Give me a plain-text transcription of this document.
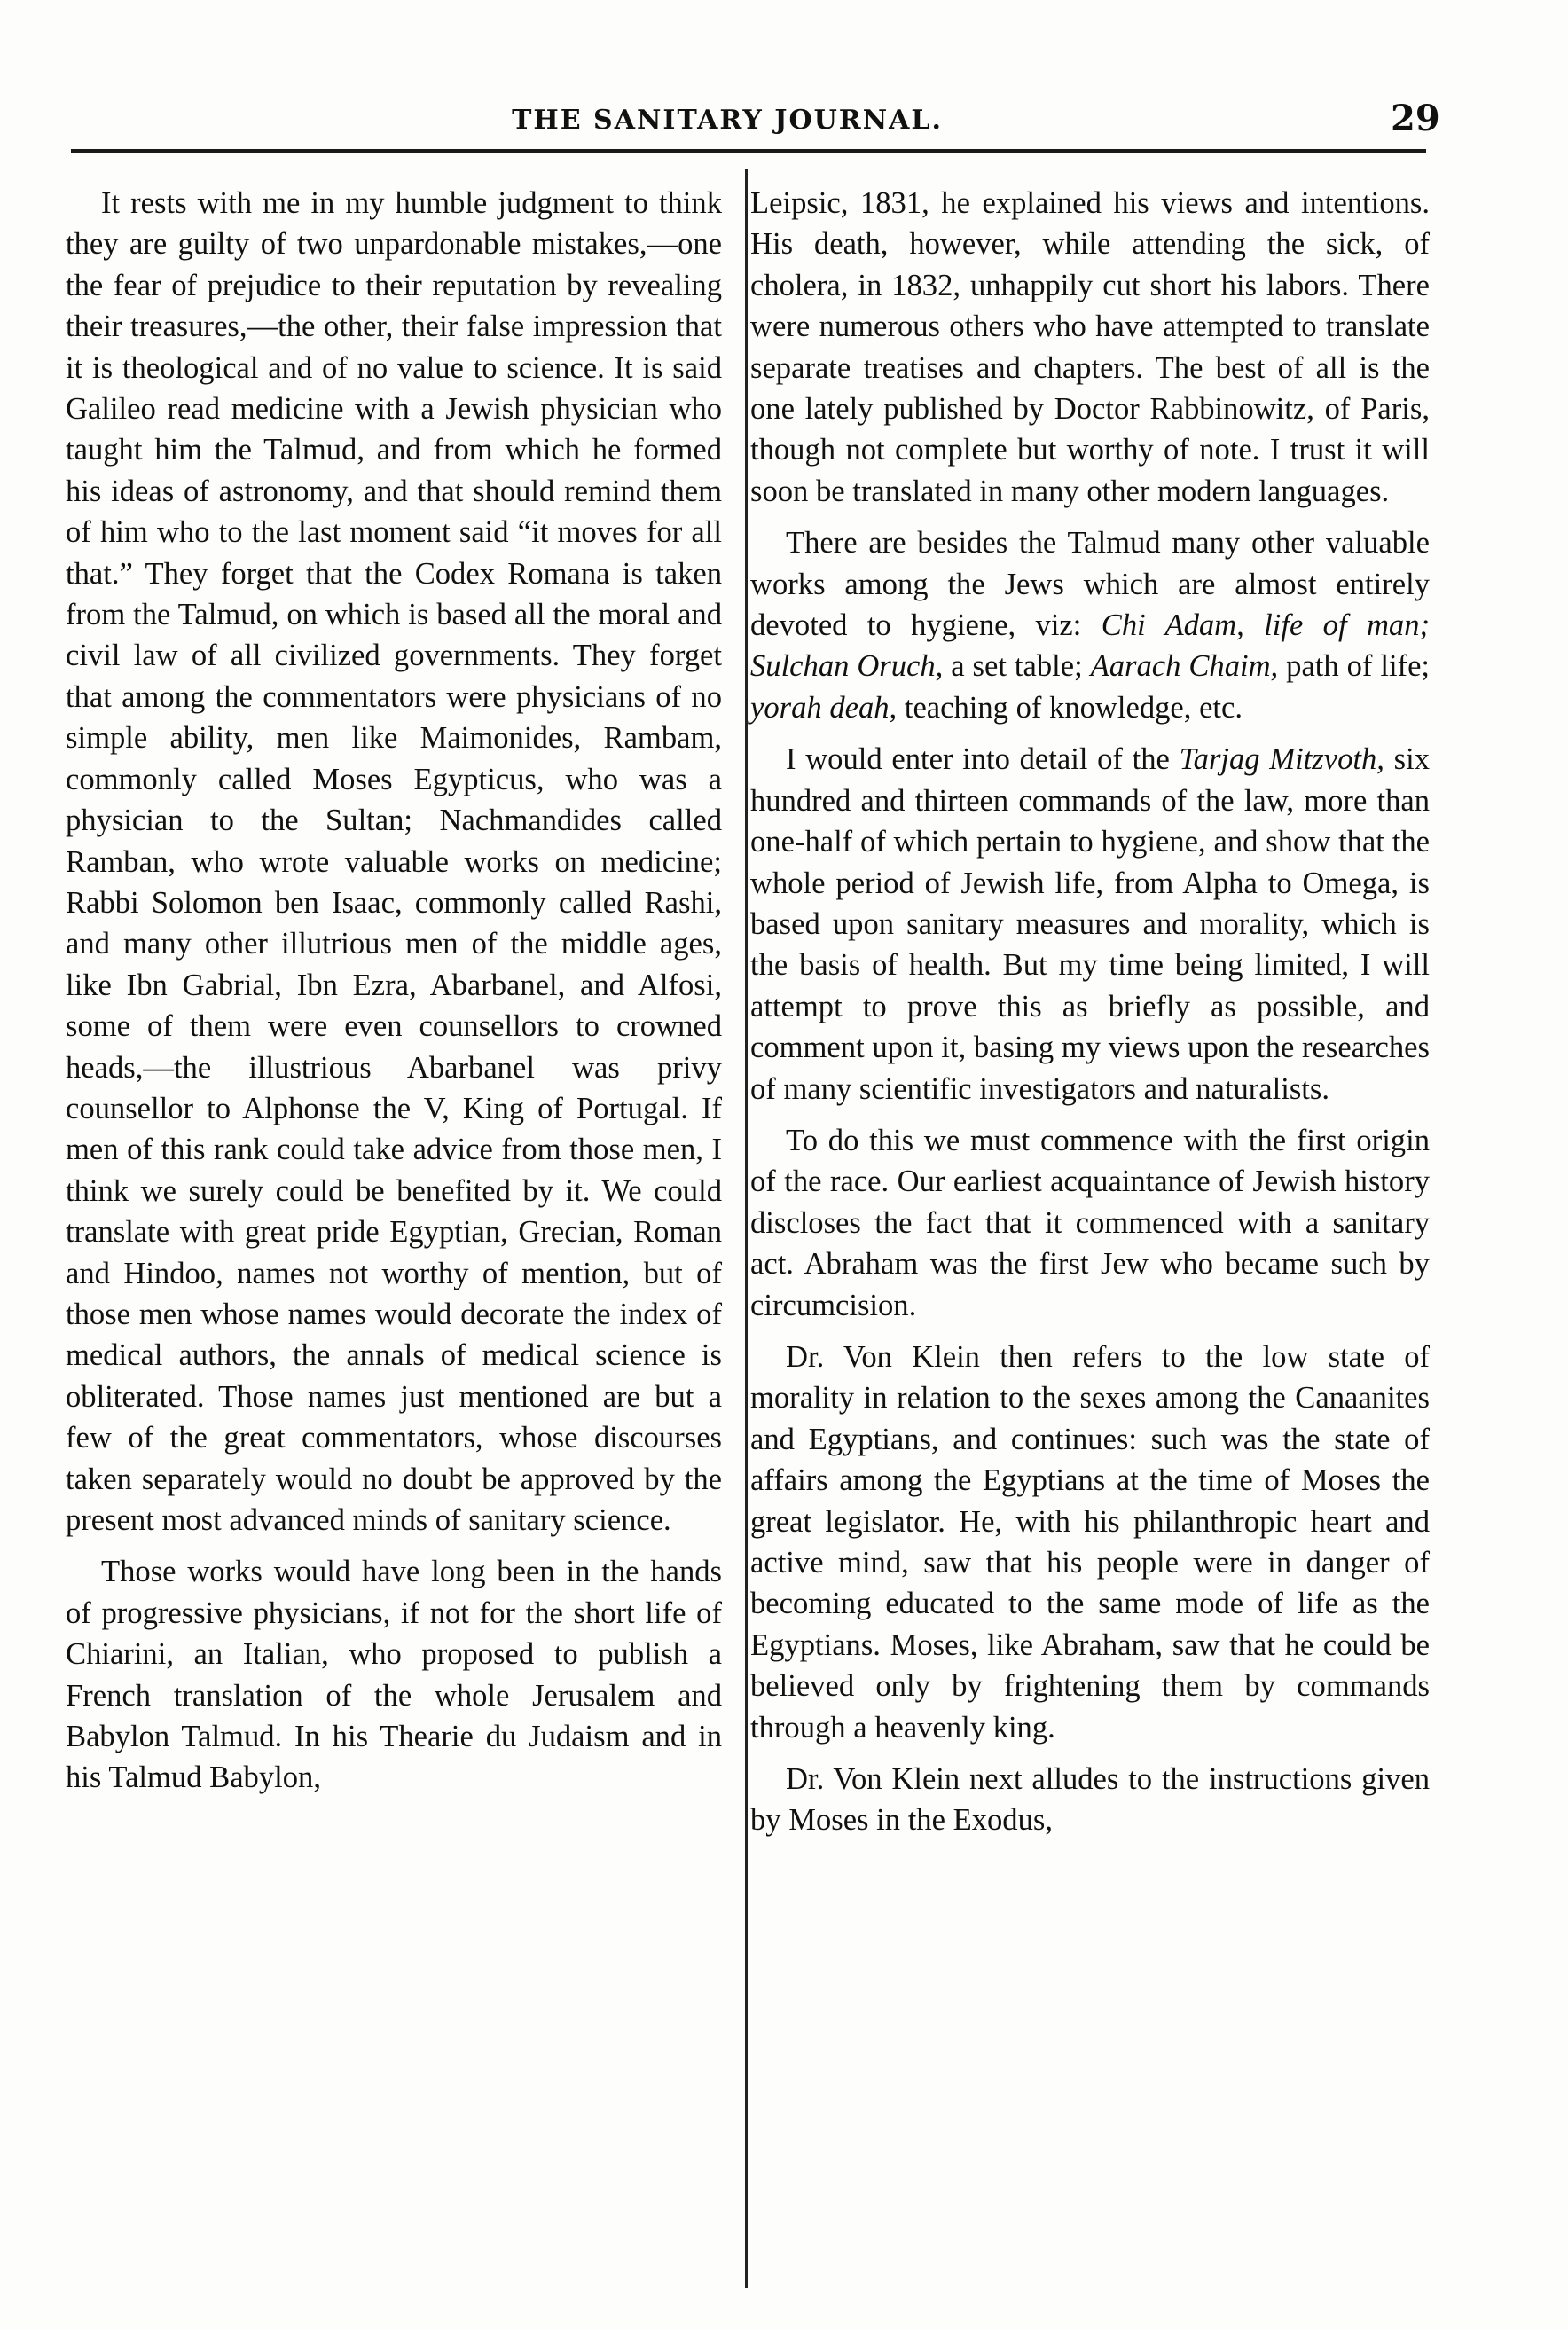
THE SANITARY JOURNAL.	29

It rests with me in my humble judgment to think they are guilty of two unpardonable mistakes,—one the fear of prejudice to their reputation by revealing their treasures,—the other, their false impression that it is theological and of no value to science. It is said Galileo read medicine with a Jewish physician who taught him the Talmud, and from which he formed his ideas of astronomy, and that should remind them of him who to the last moment said “it moves for all that.” They forget that the Codex Romana is taken from the Talmud, on which is based all the moral and civil law of all civilized governments. They forget that among the commentators were physicians of no simple ability, men like Maimonides, Rambam, commonly called Moses Egypticus, who was a physician to the Sultan; Nachmandides called Ramban, who wrote valuable works on medicine; Rabbi Solomon ben Isaac, commonly called Rashi, and many other illutrious men of the middle ages, like Ibn Gabrial, Ibn Ezra, Abarbanel, and Alfosi, some of them were even counsellors to crowned heads,—the illustrious Abarbanel was privy counsellor to Alphonse the V, King of Portugal. If men of this rank could take advice from those men, I think we surely could be benefited by it. We could translate with great pride Egyptian, Grecian, Roman and Hindoo, names not worthy of mention, but of those men whose names would decorate the index of medical authors, the annals of medical science is obliterated. Those names just mentioned are but a few of the great commentators, whose discourses taken separately would no doubt be approved by the present most advanced minds of sanitary science.

Those works would have long been in the hands of progressive physicians, if not for the short life of Chiarini, an Italian, who proposed to publish a French translation of the whole Jerusalem and Babylon Talmud. In his Thearie du Judaism and in his Talmud Babylon,

Leipsic, 1831, he explained his views and intentions. His death, however, while attending the sick, of cholera, in 1832, unhappily cut short his labors. There were numerous others who have attempted to translate separate treatises and chapters. The best of all is the one lately published by Doctor Rabbinowitz, of Paris, though not complete but worthy of note. I trust it will soon be translated in many other modern languages.

There are besides the Talmud many other valuable works among the Jews which are almost entirely devoted to hygiene, viz: Chi Adam, life of man; Sulchan Oruch, a set table; Aarach Chaim, path of life; yorah deah, teaching of knowledge, etc.

I would enter into detail of the Tarjag Mitzvoth, six hundred and thirteen commands of the law, more than one-half of which pertain to hygiene, and show that the whole period of Jewish life, from Alpha to Omega, is based upon sanitary measures and morality, which is the basis of health. But my time being limited, I will attempt to prove this as briefly as possible, and comment upon it, basing my views upon the researches of many scientific investigators and naturalists.

To do this we must commence with the first origin of the race. Our earliest acquaintance of Jewish history discloses the fact that it commenced with a sanitary act. Abraham was the first Jew who became such by circumcision.

Dr. Von Klein then refers to the low state of morality in relation to the sexes among the Canaanites and Egyptians, and continues: such was the state of affairs among the Egyptians at the time of Moses the great legislator. He, with his philanthropic heart and active mind, saw that his people were in danger of becoming educated to the same mode of life as the Egyptians. Moses, like Abraham, saw that he could be believed only by frightening them by commands through a heavenly king.

Dr. Von Klein next alludes to the instructions given by Moses in the Exodus,
